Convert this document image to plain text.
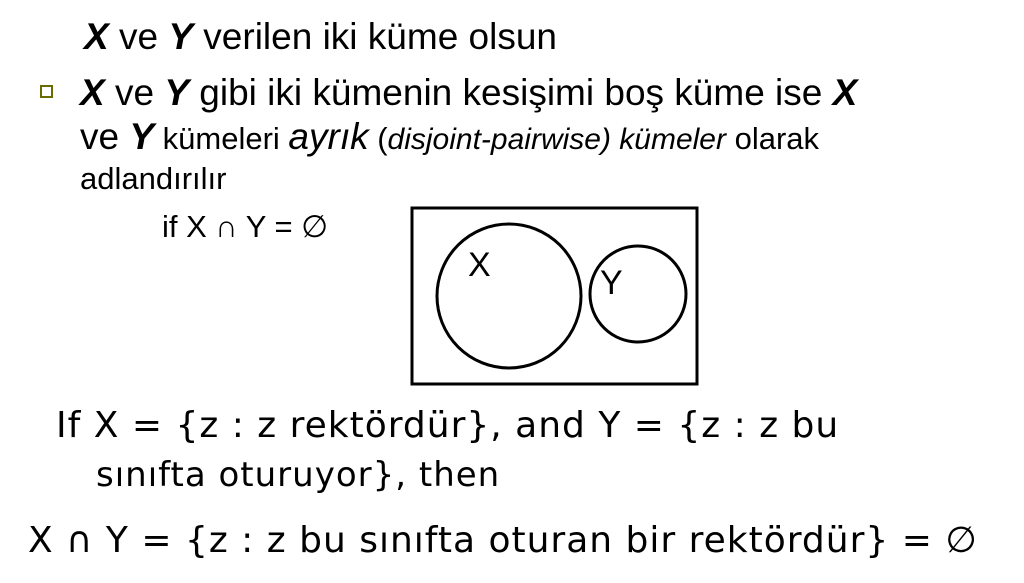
X ve Y verilen iki küme olsun
X ve Y gibi iki kümenin kesişimi boş küme ise X
ve Y kümeleri ayrık (disjoint-pairwise) kümeler olarak
adlandırılır
if X ∩ Y = ∅
X	Y
If X = {z : z rektördür}, and Y = {z : z bu
sınıfta oturuyor}, then
X ∩ Y = {z : z bu sınıfta oturan bir rektördür} = ∅
